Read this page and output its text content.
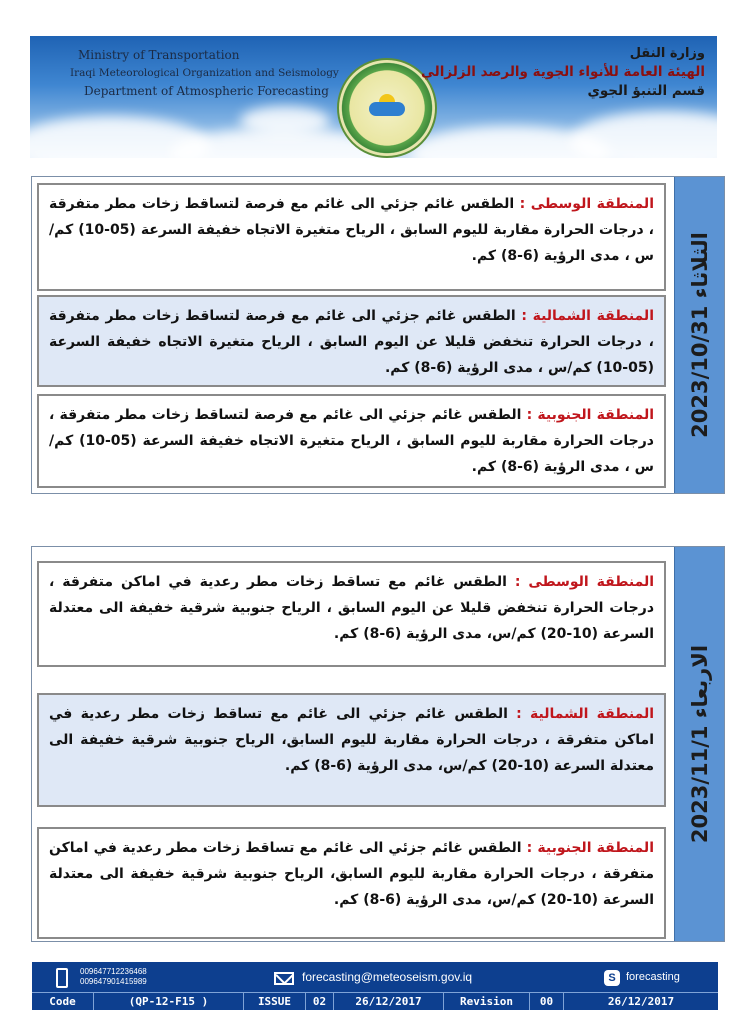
Ministry of Transportation
Iraqi Meteorological Organization and Seismology
Department of Atmospheric Forecasting
وزارة النقل
الهيئة العامة للأنواء الجوية والرصد الزلزالي
قسم التنبؤ الجوي
المنطقة الوسطى : الطقس غائم جزئي الى غائم مع فرصة لتساقط زخات مطر متفرقة ، درجات الحرارة مقاربة لليوم السابق ، الرياح متغيرة الاتجاه خفيفة السرعة (05-10) كم/س ، مدى الرؤية (6-8) كم.
المنطقة الشمالية : الطقس غائم جزئي الى غائم مع فرصة لتساقط زخات مطر متفرقة ، درجات الحرارة تنخفض قليلا عن اليوم السابق ، الرياح متغيرة الاتجاه خفيفة السرعة (05-10) كم/س ، مدى الرؤية (6-8) كم.
المنطقة الجنوبية : الطقس غائم جزئي الى غائم مع فرصة لتساقط زخات مطر متفرقة ، درجات الحرارة مقاربة لليوم السابق ، الرياح متغيرة الاتجاه خفيفة السرعة (05-10) كم/س ، مدى الرؤية (6-8) كم.
الثلاثاء 2023/10/31
المنطقة الوسطى : الطقس غائم مع تساقط زخات مطر رعدية في اماكن متفرقة ، درجات الحرارة تنخفض قليلا عن اليوم السابق ، الرياح جنوبية شرقية خفيفة الى معتدلة السرعة (10-20) كم/س، مدى الرؤية (6-8) كم.
المنطقة الشمالية : الطقس غائم جزئي الى غائم مع تساقط زخات مطر رعدية في اماكن متفرقة ، درجات الحرارة مقاربة لليوم السابق، الرياح جنوبية شرقية خفيفة الى معتدلة السرعة (10-20) كم/س، مدى الرؤية (6-8) كم.
المنطقة الجنوبية : الطقس غائم جزئي الى غائم مع تساقط زخات مطر رعدية في اماكن متفرقة ، درجات الحرارة مقاربة لليوم السابق، الرياح جنوبية شرقية خفيفة الى معتدلة السرعة (10-20) كم/س، مدى الرؤية (6-8) كم.
الاربعاء 2023/11/1
009647712236468
009647901415989	forecasting@meteoseism.gov.iq	S forecasting
Code	(QP-12-F15 )	ISSUE	02	26/12/2017	Revision	00	26/12/2017
